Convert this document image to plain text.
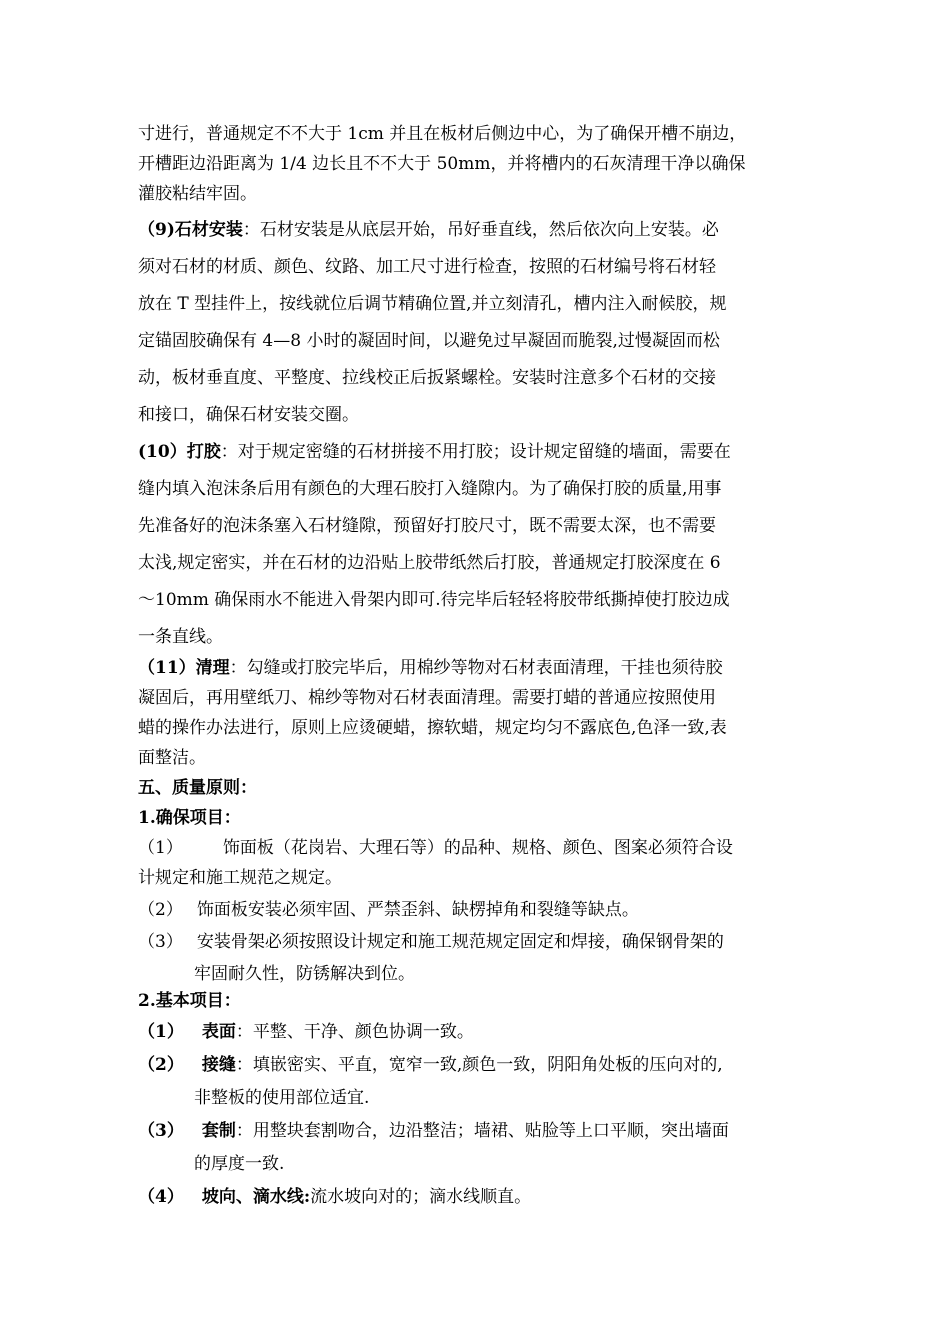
寸进行，普通规定不不大于 1cm 并且在板材后侧边中心，为了确保开槽不崩边，
开槽距边沿距离为 1/4 边长且不不大于 50mm，并将槽内的石灰清理干净以确保
灌胶粘结牢固。
（9)石材安装：石材安装是从底层开始，吊好垂直线，然后依次向上安装。必
须对石材的材质、颜色、纹路、加工尺寸进行检查，按照的石材编号将石材轻
放在 T 型挂件上，按线就位后调节精确位置,并立刻清孔，槽内注入耐候胶，规
定锚固胶确保有 4—8 小时的凝固时间，以避免过早凝固而脆裂,过慢凝固而松
动，板材垂直度、平整度、拉线校正后扳紧螺栓。安装时注意多个石材的交接
和接口，确保石材安装交圈。
(10）打胶：对于规定密缝的石材拼接不用打胶；设计规定留缝的墙面，需要在
缝内填入泡沫条后用有颜色的大理石胶打入缝隙内。为了确保打胶的质量,用事
先准备好的泡沫条塞入石材缝隙，预留好打胶尺寸，既不需要太深，也不需要
太浅,规定密实，并在石材的边沿贴上胶带纸然后打胶，普通规定打胶深度在 6
～10mm 确保雨水不能进入骨架内即可.待完毕后轻轻将胶带纸撕掉使打胶边成
一条直线。
（11）清理：勾缝或打胶完毕后，用棉纱等物对石材表面清理，干挂也须待胶
凝固后，再用壁纸刀、棉纱等物对石材表面清理。需要打蜡的普通应按照使用
蜡的操作办法进行，原则上应烫硬蜡，擦软蜡，规定均匀不露底色,色泽一致,表
面整洁。
五、质量原则：
1.确保项目：
（1） 饰面板（花岗岩、大理石等）的品种、规格、颜色、图案必须符合设
计规定和施工规范之规定。
（2） 饰面板安装必须牢固、严禁歪斜、缺楞掉角和裂缝等缺点。
（3） 安装骨架必须按照设计规定和施工规范规定固定和焊接，确保钢骨架的
牢固耐久性，防锈解决到位。
2.基本项目：
（1） 表面：平整、干净、颜色协调一致。
（2） 接缝：填嵌密实、平直，宽窄一致,颜色一致，阴阳角处板的压向对的,
非整板的使用部位适宜.
（3） 套制：用整块套割吻合，边沿整洁；墙裙、贴脸等上口平顺，突出墙面
的厚度一致.
（4） 坡向、滴水线:流水坡向对的；滴水线顺直。
